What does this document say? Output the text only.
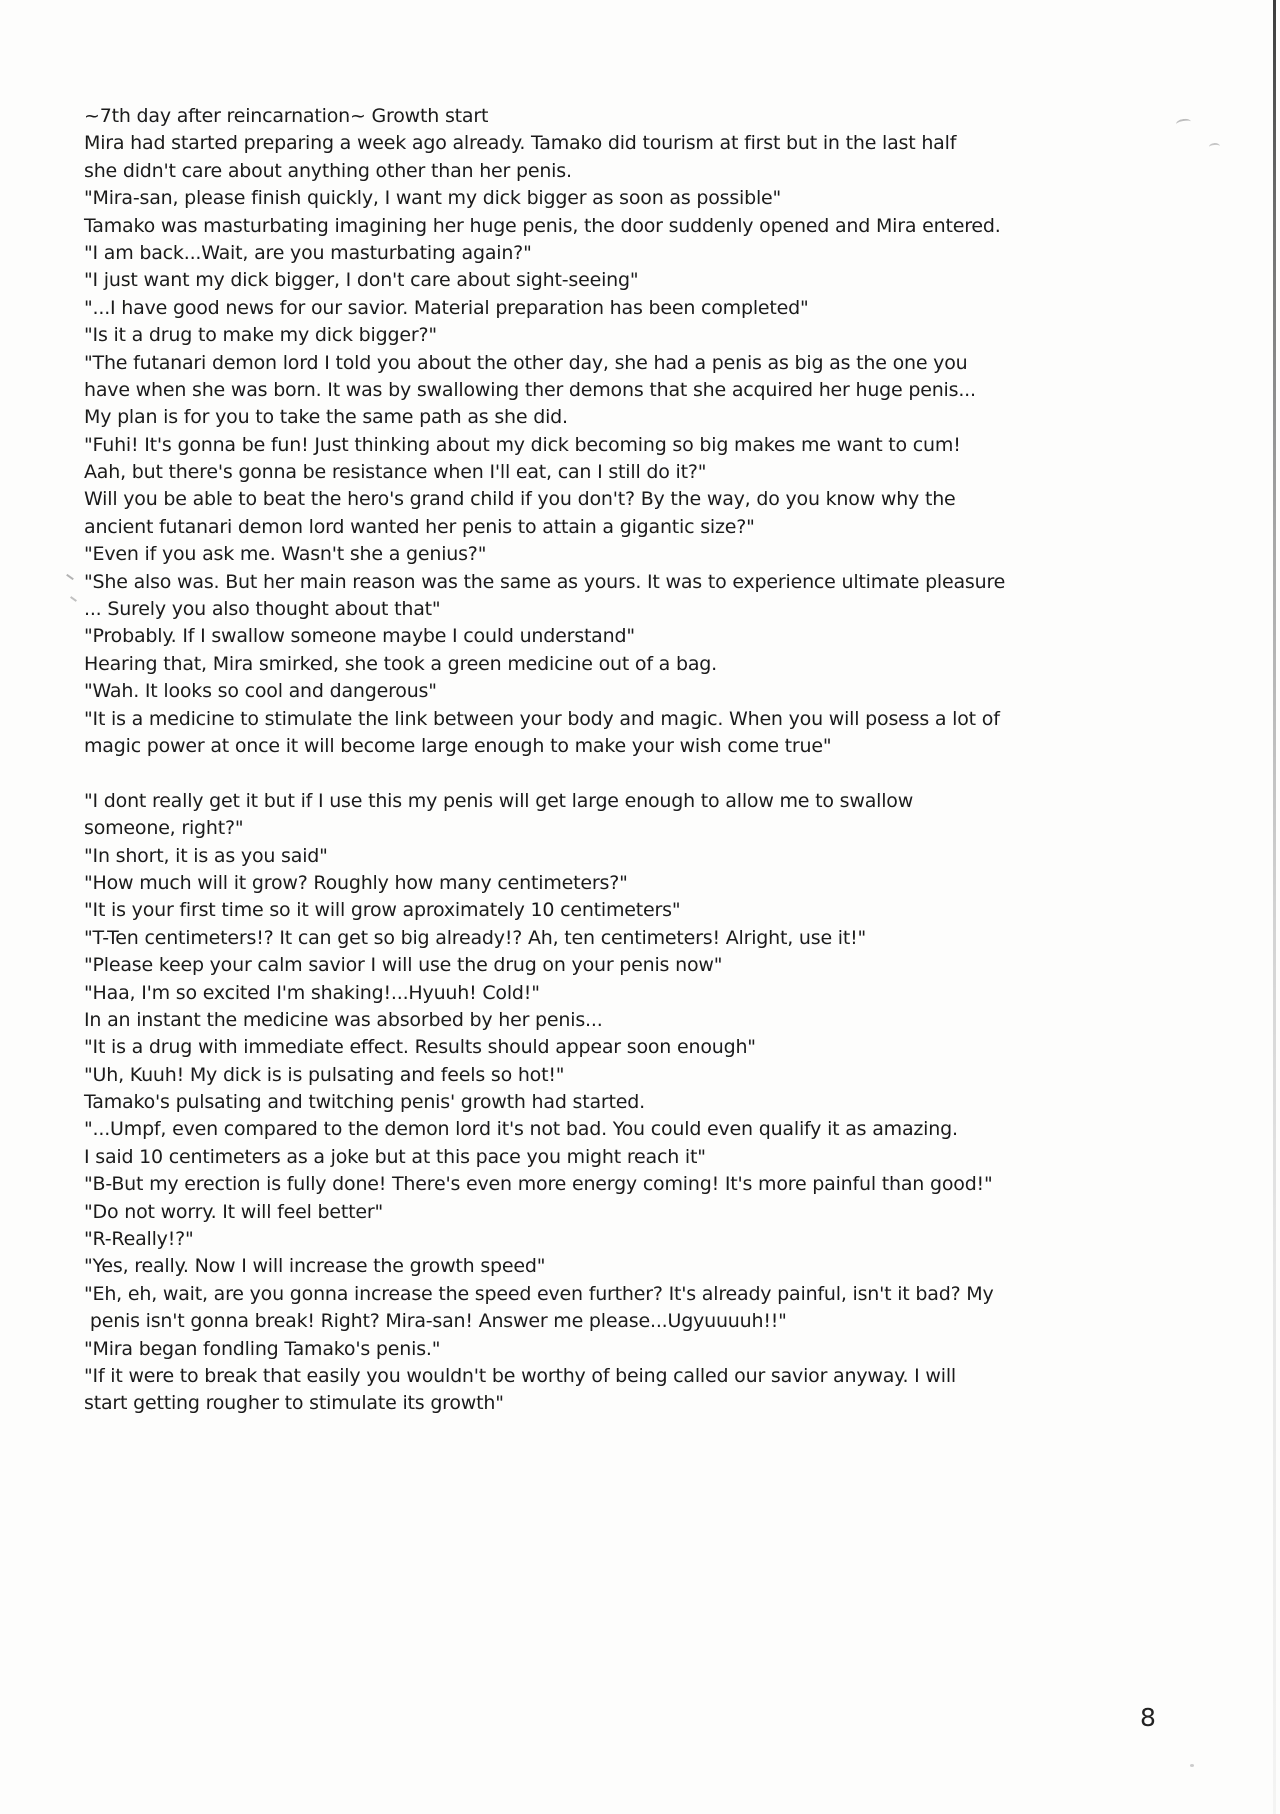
~7th day after reincarnation~ Growth start
Mira had started preparing a week ago already. Tamako did tourism at first but in the last half
she didn't care about anything other than her penis.
"Mira-san, please finish quickly, I want my dick bigger as soon as possible"
Tamako was masturbating imagining her huge penis, the door suddenly opened and Mira entered.
"I am back...Wait, are you masturbating again?"
"I just want my dick bigger, I don't care about sight-seeing"
"...I have good news for our savior. Material preparation has been completed"
"Is it a drug to make my dick bigger?"
"The futanari demon lord I told you about the other day, she had a penis as big as the one you
have when she was born. It was by swallowing ther demons that she acquired her huge penis...
My plan is for you to take the same path as she did.
"Fuhi! It's gonna be fun! Just thinking about my dick becoming so big makes me want to cum!
Aah, but there's gonna be resistance when I'll eat, can I still do it?"
Will you be able to beat the hero's grand child if you don't? By the way, do you know why the
ancient futanari demon lord wanted her penis to attain a gigantic size?"
"Even if you ask me. Wasn't she a genius?"
"She also was. But her main reason was the same as yours. It was to experience ultimate pleasure
... Surely you also thought about that"
"Probably. If I swallow someone maybe I could understand"
Hearing that, Mira smirked, she took a green medicine out of a bag.
"Wah. It looks so cool and dangerous"
"It is a medicine to stimulate the link between your body and magic. When you will posess a lot of
magic power at once it will become large enough to make your wish come true"
"I dont really get it but if I use this my penis will get large enough to allow me to swallow
someone, right?"
"In short, it is as you said"
"How much will it grow? Roughly how many centimeters?"
"It is your first time so it will grow aproximately 10 centimeters"
"T-Ten centimeters!? It can get so big already!? Ah, ten centimeters! Alright, use it!"
"Please keep your calm savior I will use the drug on your penis now"
"Haa, I'm so excited I'm shaking!...Hyuuh! Cold!"
In an instant the medicine was absorbed by her penis...
"It is a drug with immediate effect. Results should appear soon enough"
"Uh, Kuuh! My dick is is pulsating and feels so hot!"
Tamako's pulsating and twitching penis' growth had started.
"...Umpf, even compared to the demon lord it's not bad. You could even qualify it as amazing.
I said 10 centimeters as a joke but at this pace you might reach it"
"B-But my erection is fully done! There's even more energy coming! It's more painful than good!"
"Do not worry. It will feel better"
"R-Really!?"
"Yes, really. Now I will increase the growth speed"
"Eh, eh, wait, are you gonna increase the speed even further? It's already painful, isn't it bad? My
penis isn't gonna break! Right? Mira-san! Answer me please...Ugyuuuuh!!"
"Mira began fondling Tamako's penis."
"If it were to break that easily you wouldn't be worthy of being called our savior anyway. I will
start getting rougher to stimulate its growth"
8
